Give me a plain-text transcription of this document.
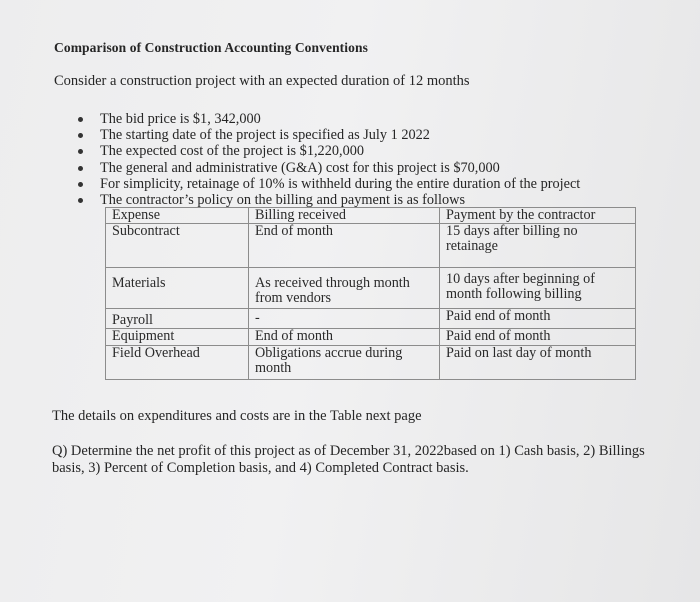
Comparison of Construction Accounting Conventions
Consider a construction project with an expected duration of 12 months
The bid price is $1, 342,000
The starting date of the project is specified as July 1 2022
The expected cost of the project is $1,220,000
The general and administrative (G&A) cost for this project is $70,000
For simplicity, retainage of 10% is withheld during the entire duration of the project
The contractor’s policy on the billing and payment is as follows
Expense	Billing received	Payment by the contractor
Subcontract	End of month	15 days after billing no retainage
Materials	As received through month from vendors	10 days after beginning of month following billing
Payroll	-	Paid end of month
Equipment	End of month	Paid end of month
Field Overhead	Obligations accrue during month	Paid on last day of month
The details on expenditures and costs are in the Table next page
Q) Determine the net profit of this project as of December 31, 2022based on 1) Cash basis, 2) Billings basis, 3) Percent of Completion basis, and 4) Completed Contract basis.
